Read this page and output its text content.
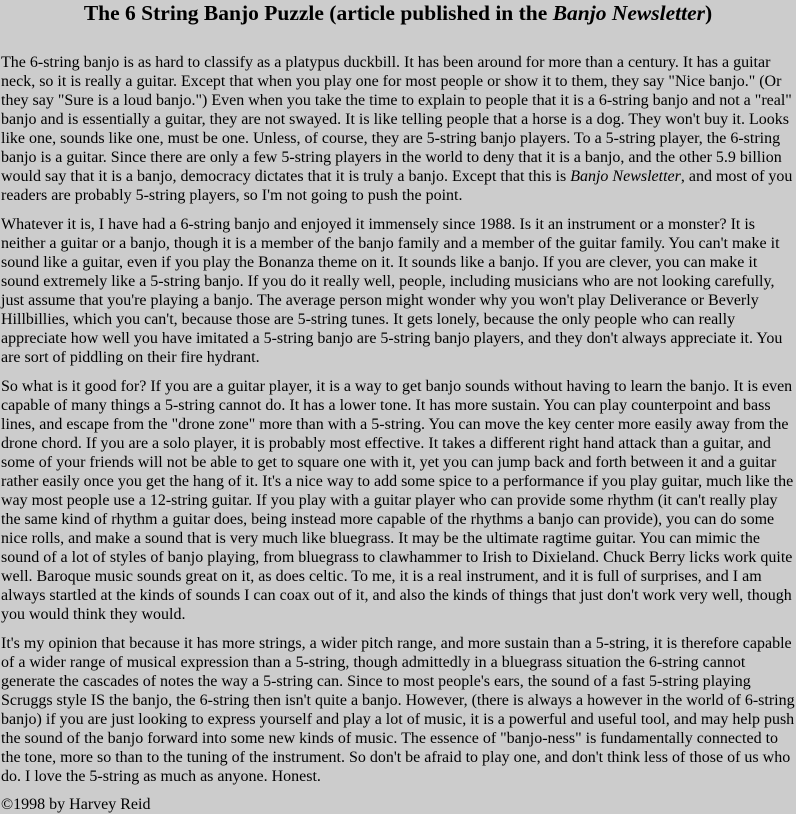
The 6 String Banjo Puzzle (article published in the Banjo Newsletter)

The 6-string banjo is as hard to classify as a platypus duckbill. It has been around for more than a century. It has a guitar neck, so it is really a guitar. Except that when you play one for most people or show it to them, they say "Nice banjo." (Or they say "Sure is a loud banjo.") Even when you take the time to explain to people that it is a 6-string banjo and not a "real" banjo and is essentially a guitar, they are not swayed. It is like telling people that a horse is a dog. They won't buy it. Looks like one, sounds like one, must be one. Unless, of course, they are 5-string banjo players. To a 5-string player, the 6-string banjo is a guitar. Since there are only a few 5-string players in the world to deny that it is a banjo, and the other 5.9 billion would say that it is a banjo, democracy dictates that it is truly a banjo. Except that this is Banjo Newsletter, and most of you readers are probably 5-string players, so I'm not going to push the point.

Whatever it is, I have had a 6-string banjo and enjoyed it immensely since 1988. Is it an instrument or a monster? It is neither a guitar or a banjo, though it is a member of the banjo family and a member of the guitar family. You can't make it sound like a guitar, even if you play the Bonanza theme on it. It sounds like a banjo. If you are clever, you can make it sound extremely like a 5-string banjo. If you do it really well, people, including musicians who are not looking carefully, just assume that you're playing a banjo. The average person might wonder why you won't play Deliverance or Beverly Hillbillies, which you can't, because those are 5-string tunes. It gets lonely, because the only people who can really appreciate how well you have imitated a 5-string banjo are 5-string banjo players, and they don't always appreciate it. You are sort of piddling on their fire hydrant.

So what is it good for? If you are a guitar player, it is a way to get banjo sounds without having to learn the banjo. It is even capable of many things a 5-string cannot do. It has a lower tone. It has more sustain. You can play counterpoint and bass lines, and escape from the "drone zone" more than with a 5-string. You can move the key center more easily away from the drone chord. If you are a solo player, it is probably most effective. It takes a different right hand attack than a guitar, and some of your friends will not be able to get to square one with it, yet you can jump back and forth between it and a guitar rather easily once you get the hang of it. It's a nice way to add some spice to a performance if you play guitar, much like the way most people use a 12-string guitar. If you play with a guitar player who can provide some rhythm (it can't really play the same kind of rhythm a guitar does, being instead more capable of the rhythms a banjo can provide), you can do some nice rolls, and make a sound that is very much like bluegrass. It may be the ultimate ragtime guitar. You can mimic the sound of a lot of styles of banjo playing, from bluegrass to clawhammer to Irish to Dixieland. Chuck Berry licks work quite well. Baroque music sounds great on it, as does celtic. To me, it is a real instrument, and it is full of surprises, and I am always startled at the kinds of sounds I can coax out of it, and also the kinds of things that just don't work very well, though you would think they would.

It's my opinion that because it has more strings, a wider pitch range, and more sustain than a 5-string, it is therefore capable of a wider range of musical expression than a 5-string, though admittedly in a bluegrass situation the 6-string cannot generate the cascades of notes the way a 5-string can. Since to most people's ears, the sound of a fast 5-string playing Scruggs style IS the banjo, the 6-string then isn't quite a banjo. However, (there is always a however in the world of 6-string banjo) if you are just looking to express yourself and play a lot of music, it is a powerful and useful tool, and may help push the sound of the banjo forward into some new kinds of music. The essence of "banjo-ness" is fundamentally connected to the tone, more so than to the tuning of the instrument. So don't be afraid to play one, and don't think less of those of us who do. I love the 5-string as much as anyone. Honest.

©1998 by Harvey Reid
